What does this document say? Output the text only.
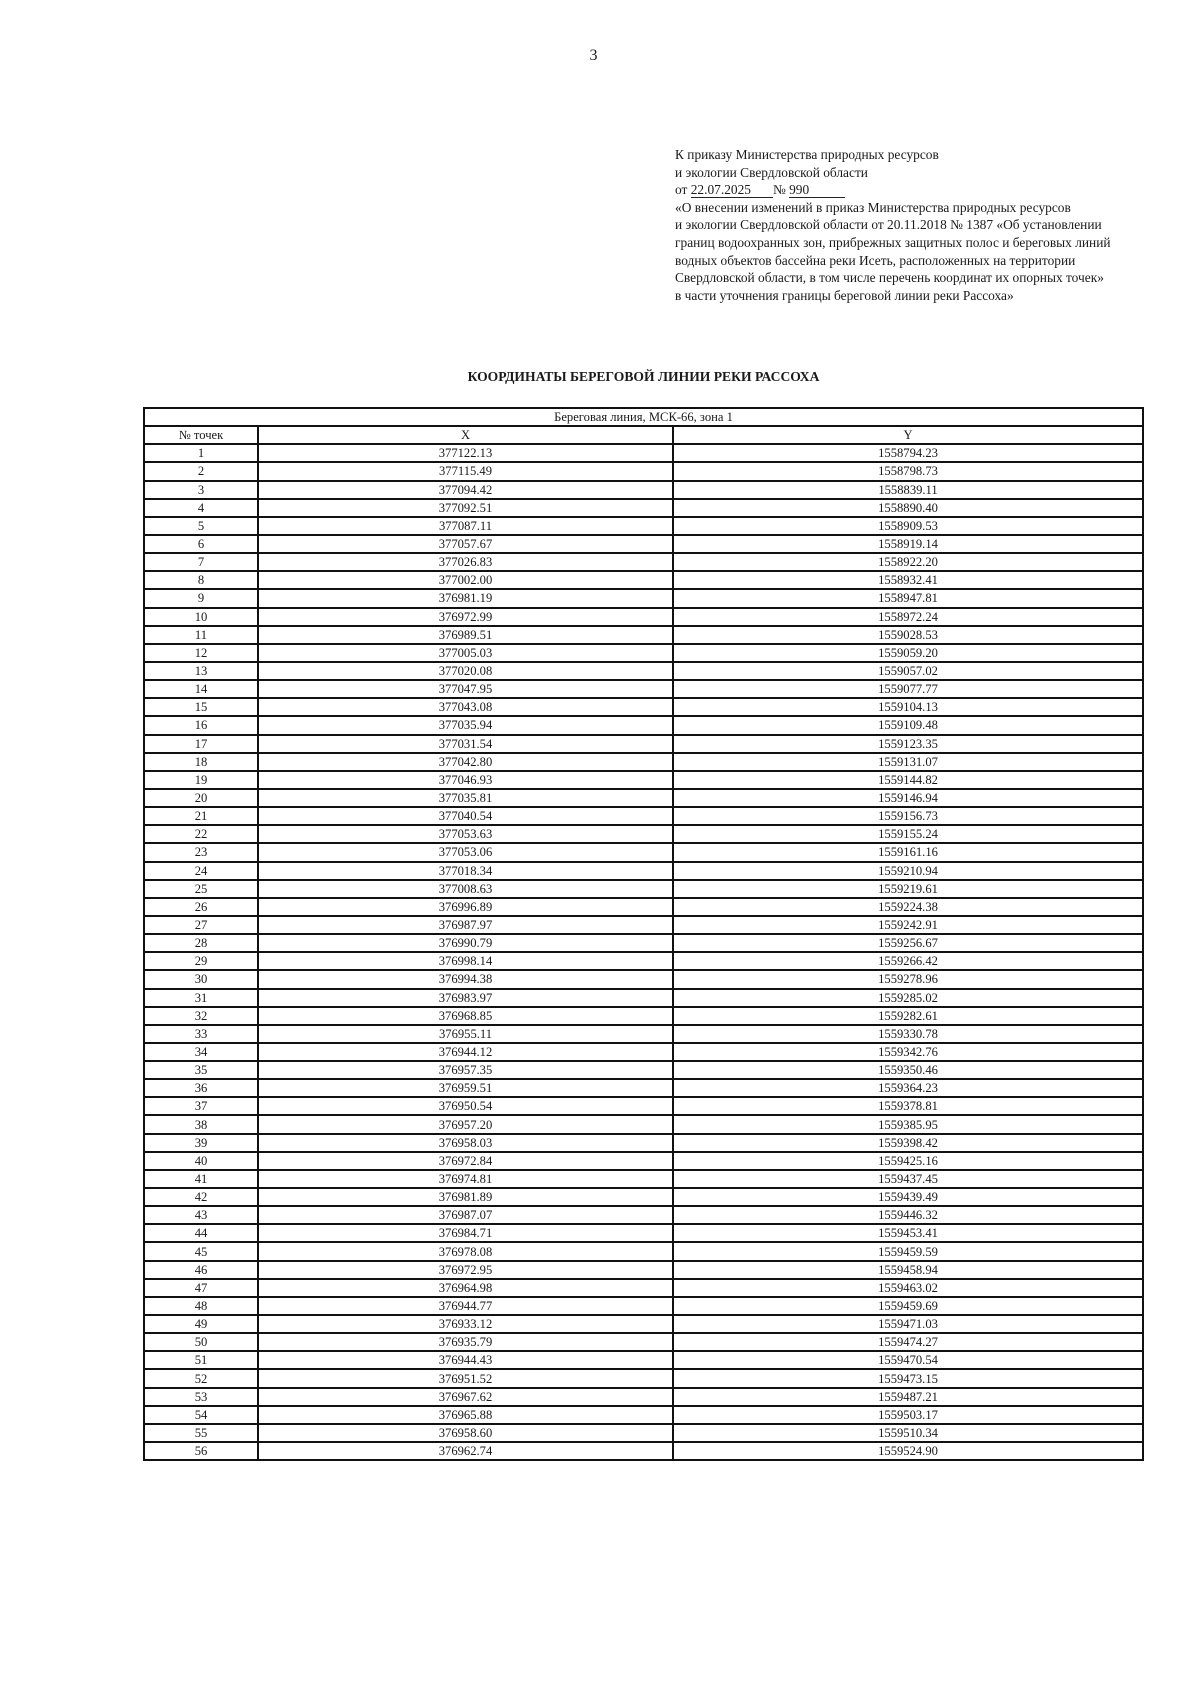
3
К приказу Министерства природных ресурсов
и экологии Свердловской области
от 22.07.2025 № 990
«О внесении изменений в приказ Министерства природных ресурсов
и экологии Свердловской области от 20.11.2018 № 1387 «Об установлении
границ водоохранных зон, прибрежных защитных полос и береговых линий
водных объектов бассейна реки Исеть, расположенных на территории
Свердловской области, в том числе перечень координат их опорных точек»
в части уточнения границы береговой линии реки Рассоха»
КООРДИНАТЫ БЕРЕГОВОЙ ЛИНИИ РЕКИ РАССОХА
Береговая линия, МСК-66, зона 1		
№ точек	X	Y
1	377122.13	1558794.23
2	377115.49	1558798.73
3	377094.42	1558839.11
4	377092.51	1558890.40
5	377087.11	1558909.53
6	377057.67	1558919.14
7	377026.83	1558922.20
8	377002.00	1558932.41
9	376981.19	1558947.81
10	376972.99	1558972.24
11	376989.51	1559028.53
12	377005.03	1559059.20
13	377020.08	1559057.02
14	377047.95	1559077.77
15	377043.08	1559104.13
16	377035.94	1559109.48
17	377031.54	1559123.35
18	377042.80	1559131.07
19	377046.93	1559144.82
20	377035.81	1559146.94
21	377040.54	1559156.73
22	377053.63	1559155.24
23	377053.06	1559161.16
24	377018.34	1559210.94
25	377008.63	1559219.61
26	376996.89	1559224.38
27	376987.97	1559242.91
28	376990.79	1559256.67
29	376998.14	1559266.42
30	376994.38	1559278.96
31	376983.97	1559285.02
32	376968.85	1559282.61
33	376955.11	1559330.78
34	376944.12	1559342.76
35	376957.35	1559350.46
36	376959.51	1559364.23
37	376950.54	1559378.81
38	376957.20	1559385.95
39	376958.03	1559398.42
40	376972.84	1559425.16
41	376974.81	1559437.45
42	376981.89	1559439.49
43	376987.07	1559446.32
44	376984.71	1559453.41
45	376978.08	1559459.59
46	376972.95	1559458.94
47	376964.98	1559463.02
48	376944.77	1559459.69
49	376933.12	1559471.03
50	376935.79	1559474.27
51	376944.43	1559470.54
52	376951.52	1559473.15
53	376967.62	1559487.21
54	376965.88	1559503.17
55	376958.60	1559510.34
56	376962.74	1559524.90
